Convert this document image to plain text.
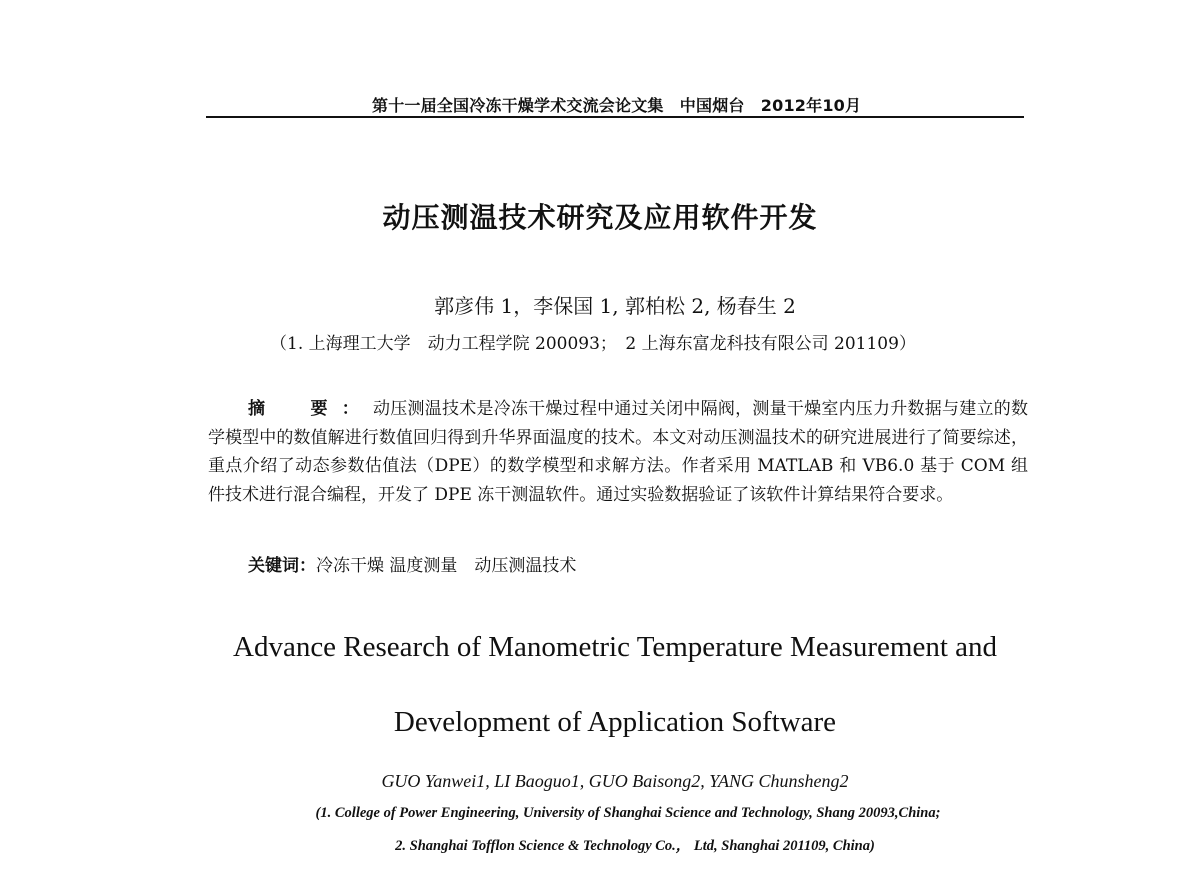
第十一届全国冷冻干燥学术交流会论文集　中国烟台　2012年10月
动压测温技术研究及应用软件开发
郭彦伟 1，李保国 1, 郭柏松 2, 杨春生 2
（1. 上海理工大学　动力工程学院 200093；　2 上海东富龙科技有限公司 201109）
摘　要：动压测温技术是冷冻干燥过程中通过关闭中隔阀，测量干燥室内压力升数据与建立的数学模型中的数值解进行数值回归得到升华界面温度的技术。本文对动压测温技术的研究进展进行了简要综述，重点介绍了动态参数估值法（DPE）的数学模型和求解方法。作者采用 MATLAB 和 VB6.0 基于 COM 组件技术进行混合编程，开发了 DPE 冻干测温软件。通过实验数据验证了该软件计算结果符合要求。
关键词：冷冻干燥 温度测量　动压测温技术
Advance Research of Manometric Temperature Measurement and
Development of Application Software
GUO Yanwei1, LI Baoguo1, GUO Baisong2, YANG Chunsheng2
(1. College of Power Engineering, University of Shanghai Science and Technology, Shang 20093,China;
2. Shanghai Tofflon Science & Technology Co.， Ltd, Shanghai 201109, China)
